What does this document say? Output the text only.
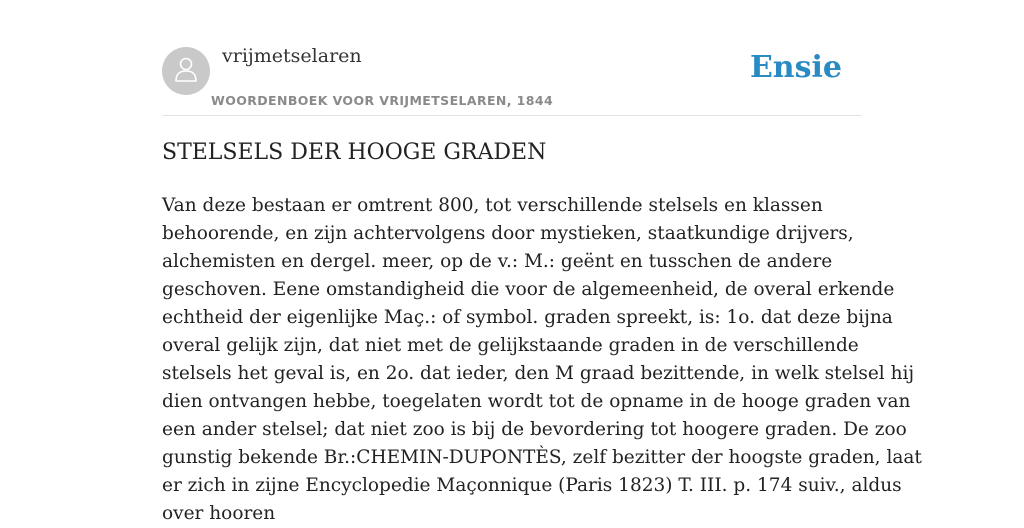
vrijmetselaren
WOORDENBOEK VOOR VRIJMETSELAREN, 1844
Ensie
STELSELS DER HOOGE GRADEN
Van deze bestaan er omtrent 800, tot verschillende stelsels en klassen
behoorende, en zijn achtervolgens door mystieken, staatkundige drijvers,
alchemisten en dergel. meer, op de v.: M.: geënt en tusschen de andere
geschoven. Eene omstandigheid die voor de algemeenheid, de overal erkende
echtheid der eigenlijke Maç.: of symbol. graden spreekt, is: 1o. dat deze bijna
overal gelijk zijn, dat niet met de gelijkstaande graden in de verschillende
stelsels het geval is, en 2o. dat ieder, den M graad bezittende, in welk stelsel hij
dien ontvangen hebbe, toegelaten wordt tot de opname in de hooge graden van
een ander stelsel; dat niet zoo is bij de bevordering tot hoogere graden. De zoo
gunstig bekende Br.:CHEMIN-DUPONTÈS, zelf bezitter der hoogste graden, laat
er zich in zijne Encyclopedie Maçonnique (Paris 1823) T. III. p. 174 suiv., aldus
over hooren
